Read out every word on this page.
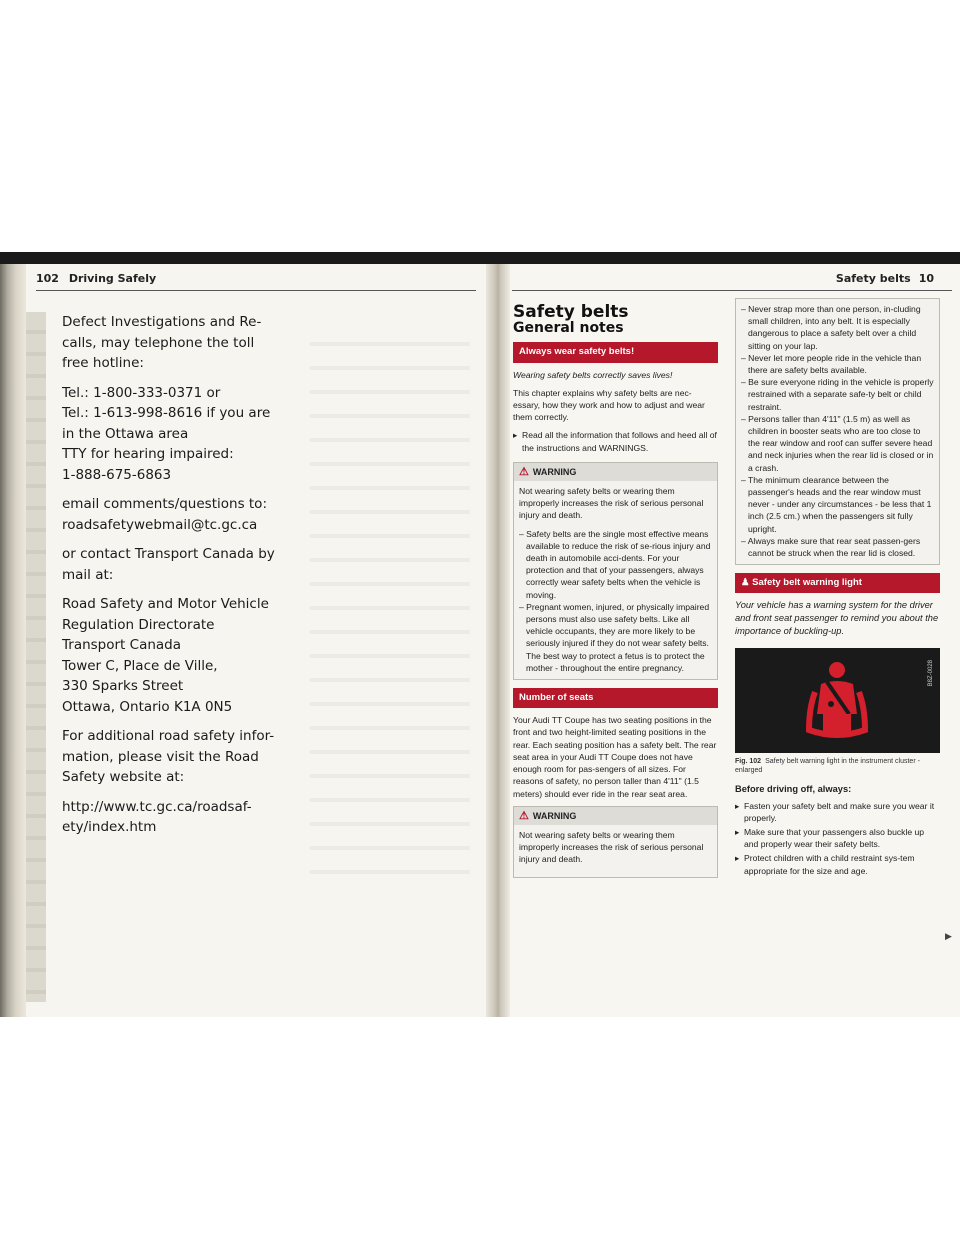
102 Driving Safely	Safety belts 10

Defect Investigations and Re-calls, may telephone the toll free hotline:

Tel.: 1-800-333-0371 or

Tel.: 1-613-998-8616 if you are in the Ottawa area

TTY for hearing impaired:

1-888-675-6863

email comments/questions to:

roadsafetywebmail@tc.gc.ca

or contact Transport Canada by mail at:

Road Safety and Motor Vehicle

Regulation Directorate

Transport Canada

Tower C, Place de Ville,

330 Sparks Street

Ottawa, Ontario K1A 0N5

For additional road safety infor-mation, please visit the Road Safety website at:

http://www.tc.gc.ca/roadsaf-ety/index.htm

Safety belts
General notes
Always wear safety belts!

Wearing safety belts correctly saves lives!

This chapter explains why safety belts are nec-essary, how they work and how to adjust and wear them correctly.

▸ Read all the information that follows and heed all of the instructions and WARNINGS.

⚠ WARNING

Not wearing safety belts or wearing them improperly increases the risk of serious personal injury and death.

– Safety belts are the single most effective means available to reduce the risk of se-rious injury and death in automobile acci-dents. For your protection and that of your passengers, always correctly wear safety belts when the vehicle is moving.

– Pregnant women, injured, or physically impaired persons must also use safety belts. Like all vehicle occupants, they are more likely to be seriously injured if they do not wear safety belts. The best way to protect a fetus is to protect the mother - throughout the entire pregnancy.

Number of seats

Your Audi TT Coupe has two seating positions in the front and two height-limited seating positions in the rear. Each seating position has a safety belt. The rear seat area in your Audi TT Coupe does not have enough room for pas-sengers of all sizes. For reasons of safety, no person taller than 4'11" (1.5 meters) should ever ride in the rear seat area.

⚠ WARNING

Not wearing safety belts or wearing them improperly increases the risk of serious personal injury and death.

– Never strap more than one person, in-cluding small children, into any belt. It is especially dangerous to place a safety belt over a child sitting on your lap.

– Never let more people ride in the vehicle than there are safety belts available.

– Be sure everyone riding in the vehicle is properly restrained with a separate safe-ty belt or child restraint.

– Persons taller than 4'11" (1.5 m) as well as children in booster seats who are too close to the rear window and roof can suffer severe head and neck injuries when the rear lid is closed or in a crash.

– The minimum clearance between the passenger's heads and the rear window must never - under any circumstances - be less that 1 inch (2.5 cm.) when the passengers sit fully upright.

– Always make sure that rear seat passen-gers cannot be struck when the rear lid is closed.

♟ Safety belt warning light

Your vehicle has a warning system for the driver and front seat passenger to remind you about the importance of buckling-up.

B8Z-0028

Fig. 102 Safety belt warning light in the instrument cluster - enlarged

Before driving off, always:

▸ Fasten your safety belt and make sure you wear it properly.

▸ Make sure that your passengers also buckle up and properly wear their safety belts.

▸ Protect children with a child restraint sys-tem appropriate for the size and age.

▶
